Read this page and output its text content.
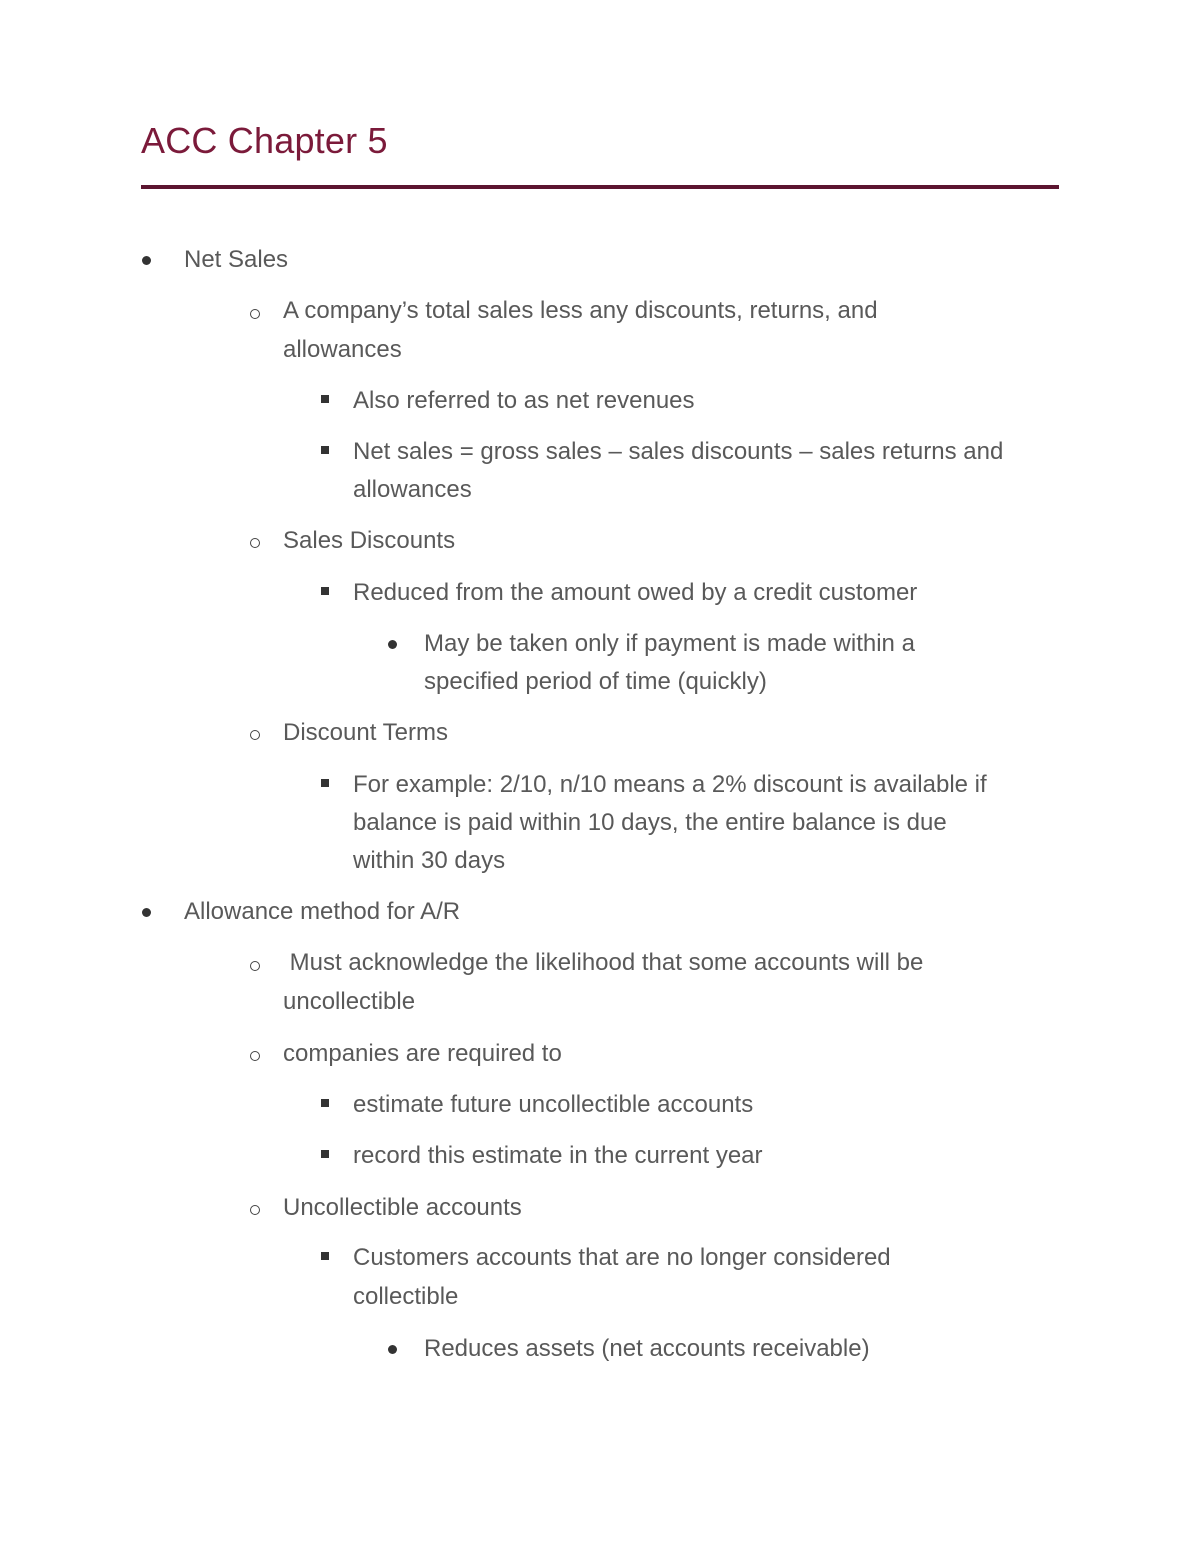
ACC Chapter 5

Net Sales

A company’s total sales less any discounts, returns, and

allowances

Also referred to as net revenues

Net sales = gross sales – sales discounts – sales returns and

allowances

Sales Discounts

Reduced from the amount owed by a credit customer

May be taken only if payment is made within a

specified period of time (quickly)

Discount Terms

For example: 2/10, n/10 means a 2% discount is available if

balance is paid within 10 days, the entire balance is due

within 30 days

Allowance method for A/R

Must acknowledge the likelihood that some accounts will be

uncollectible

companies are required to

estimate future uncollectible accounts

record this estimate in the current year

Uncollectible accounts

Customers accounts that are no longer considered

collectible

Reduces assets (net accounts receivable)
